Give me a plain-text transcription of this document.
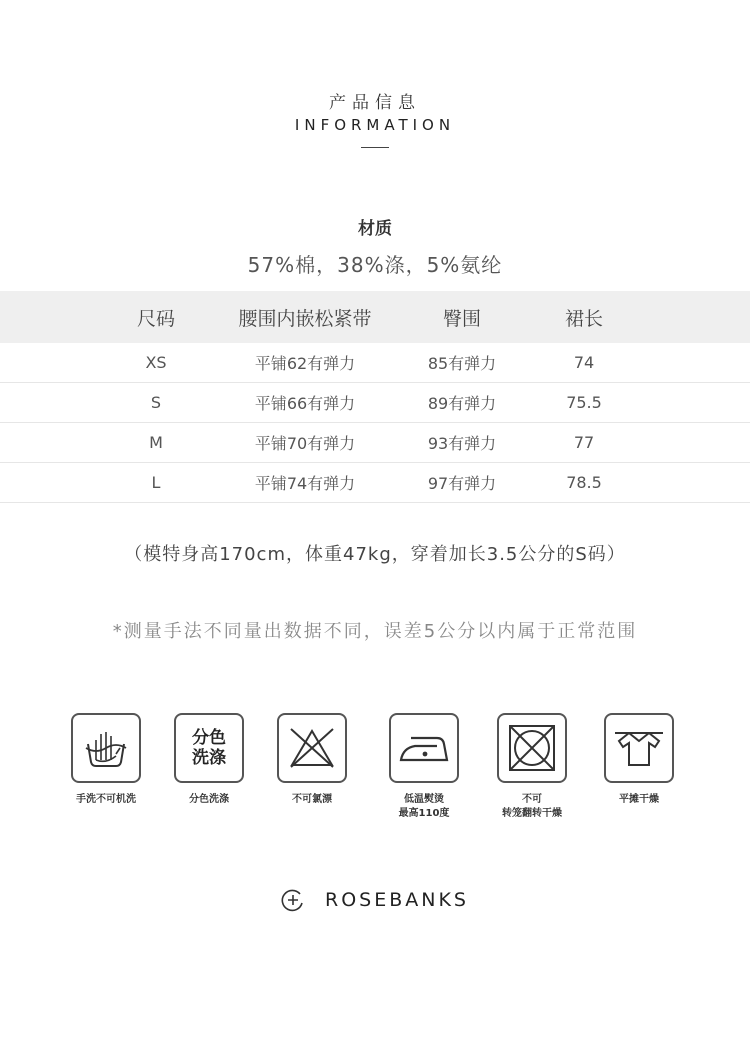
产品信息
INFORMATION
材质
57%棉，38%涤，5%氨纶
尺码	腰围内嵌松紧带	臀围	裙长
XS	平铺62有弹力	85有弹力	74
S	平铺66有弹力	89有弹力	75.5
M	平铺70有弹力	93有弹力	77
L	平铺74有弹力	97有弹力	78.5
（模特身高170cm，体重47kg，穿着加长3.5公分的S码）
*测量手法不同量出数据不同，误差5公分以内属于正常范围
手洗不可机洗
分色
洗涤
分色洗涤	不可氯漂	低温熨烫
最高110度
不可
转笼翻转干燥
平摊干燥
ROSEBANKS
